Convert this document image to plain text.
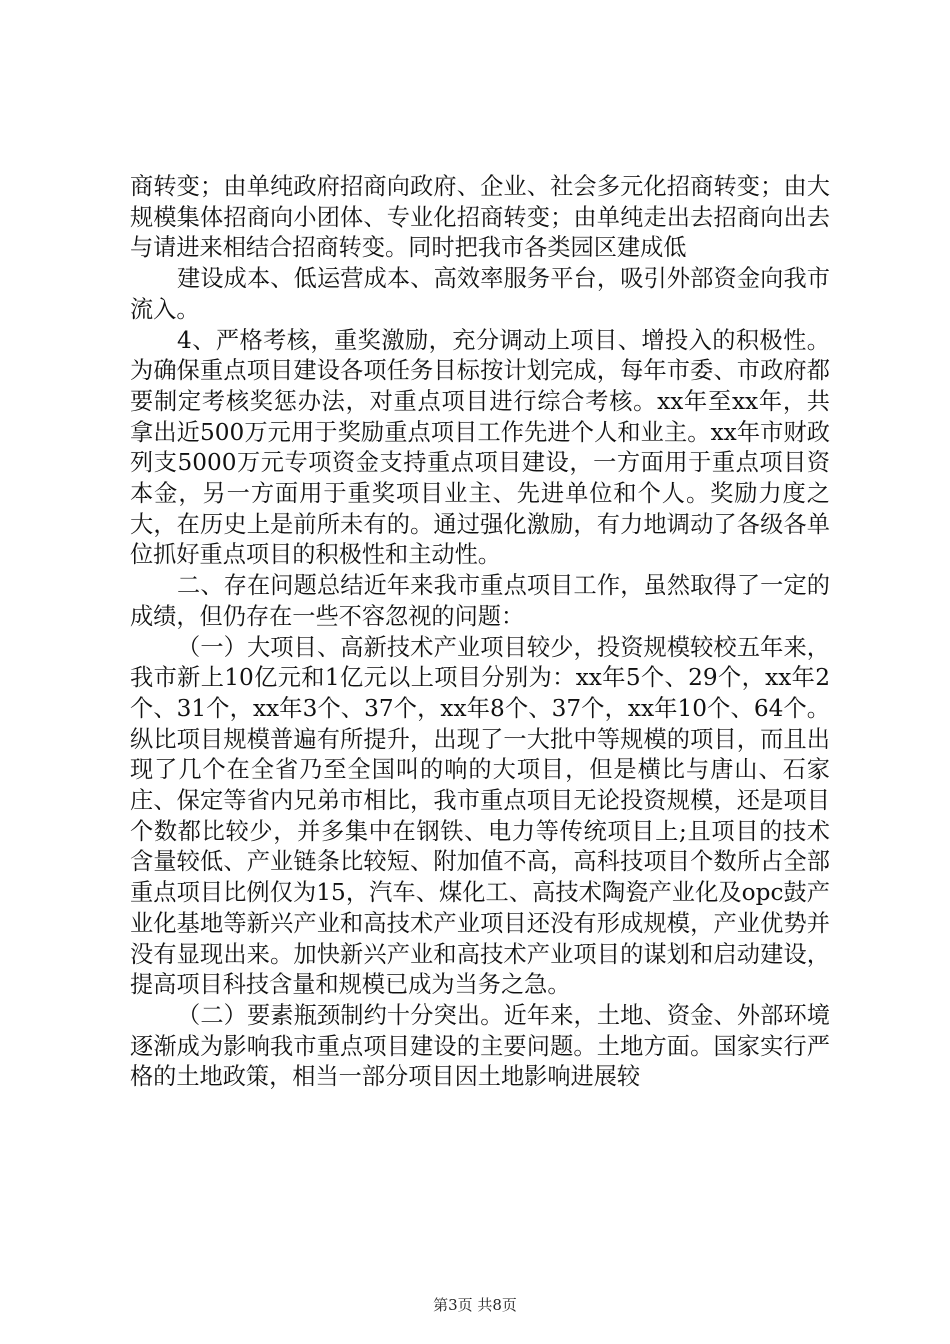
商转变；由单纯政府招商向政府、企业、社会多元化招商转变；由大规模集体招商向小团体、专业化招商转变；由单纯走出去招商向出去与请进来相结合招商转变。同时把我市各类园区建成低

建设成本、低运营成本、高效率服务平台，吸引外部资金向我市流入。

4、严格考核，重奖激励，充分调动上项目、增投入的积极性。为确保重点项目建设各项任务目标按计划完成，每年市委、市政府都要制定考核奖惩办法，对重点项目进行综合考核。xx年至xx年，共拿出近500万元用于奖励重点项目工作先进个人和业主。xx年市财政列支5000万元专项资金支持重点项目建设，一方面用于重点项目资本金，另一方面用于重奖项目业主、先进单位和个人。奖励力度之大，在历史上是前所未有的。通过强化激励，有力地调动了各级各单位抓好重点项目的积极性和主动性。

二、存在问题总结近年来我市重点项目工作，虽然取得了一定的成绩，但仍存在一些不容忽视的问题：

（一）大项目、高新技术产业项目较少，投资规模较校五年来，我市新上10亿元和1亿元以上项目分别为：xx年5个、29个，xx年2个、31个，xx年3个、37个，xx年8个、37个，xx年10个、64个。纵比项目规模普遍有所提升，出现了一大批中等规模的项目，而且出现了几个在全省乃至全国叫的响的大项目，但是横比与唐山、石家庄、保定等省内兄弟市相比，我市重点项目无论投资规模，还是项目个数都比较少，并多集中在钢铁、电力等传统项目上;且项目的技术含量较低、产业链条比较短、附加值不高，高科技项目个数所占全部重点项目比例仅为15，汽车、煤化工、高技术陶瓷产业化及opc鼓产业化基地等新兴产业和高技术产业项目还没有形成规模，产业优势并没有显现出来。加快新兴产业和高技术产业项目的谋划和启动建设，提高项目科技含量和规模已成为当务之急。

（二）要素瓶颈制约十分突出。近年来，土地、资金、外部环境逐渐成为影响我市重点项目建设的主要问题。土地方面。国家实行严格的土地政策，相当一部分项目因土地影响进展较

第3页 共8页
